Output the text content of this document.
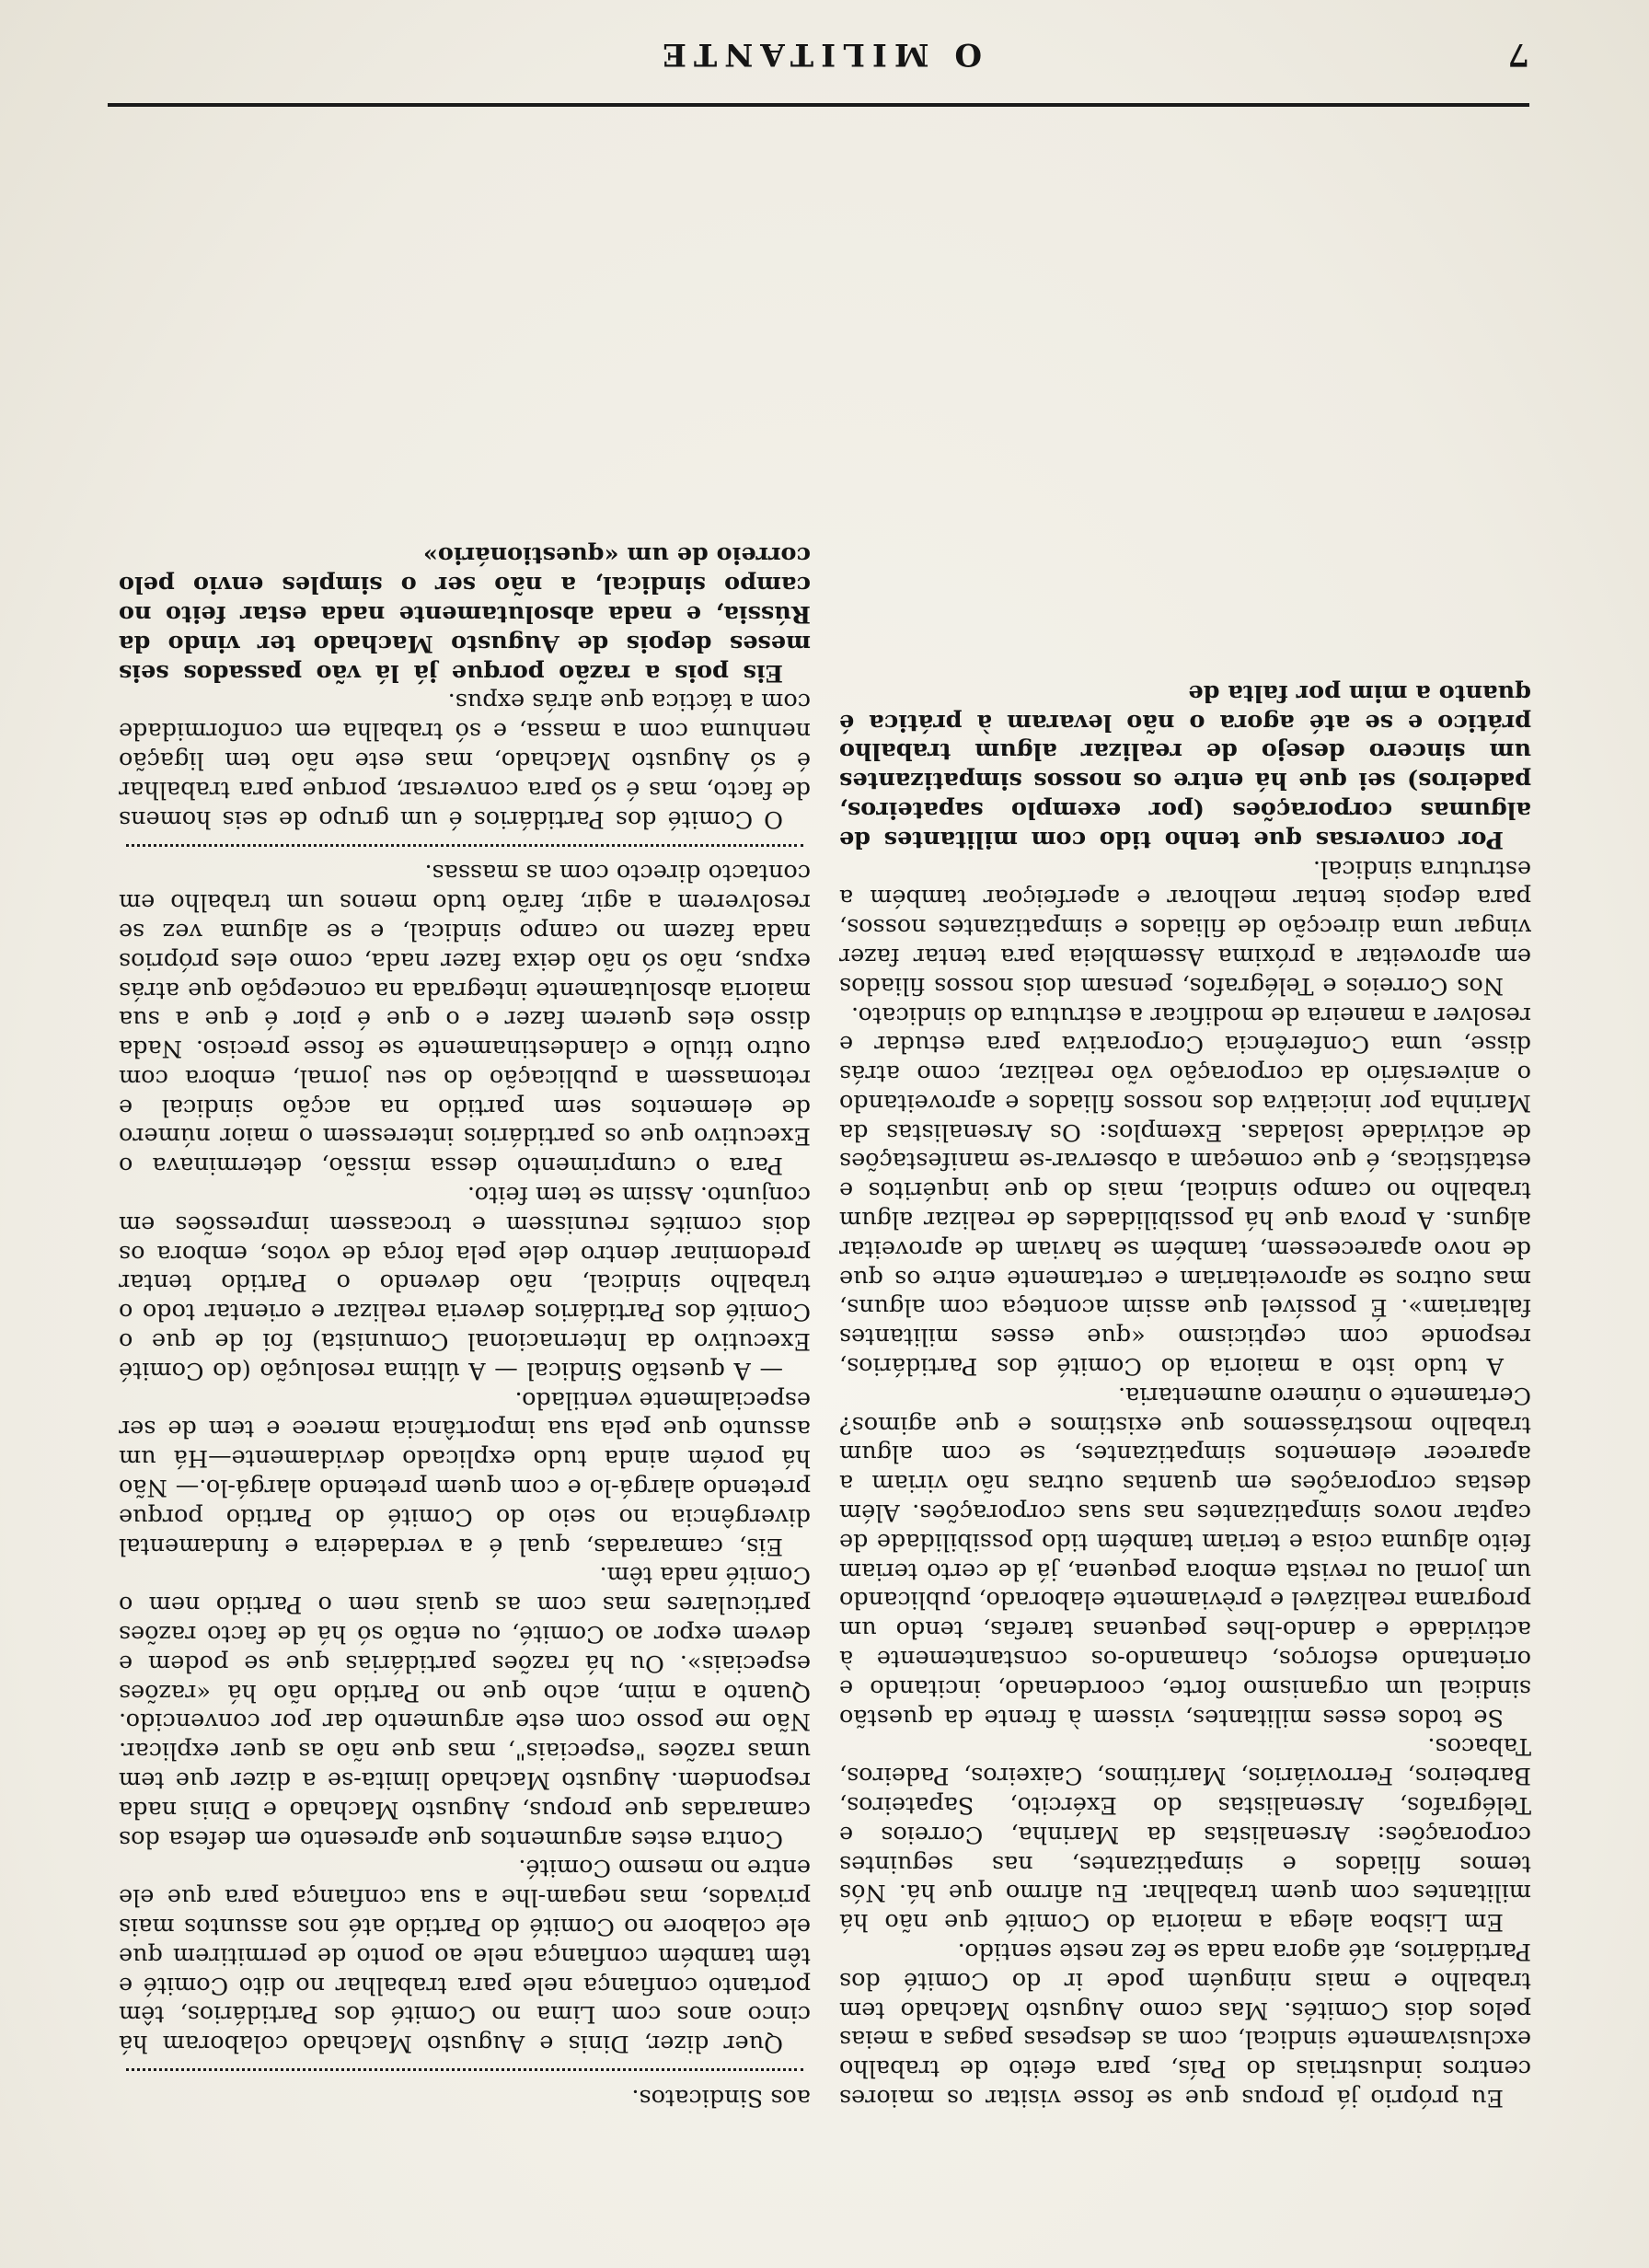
O MILITANTE	7

aos Sindicatos.

Quer dizer, Dinis e Augusto Machado colaboram há cinco anos com Lima no Comité dos Partidários, têm portanto confiança nele para trabalhar no dito Comité e têm também confiança nele ao ponto de permitirem que ele colabore no Comité do Partido até nos assuntos mais privados, mas negam-lhe a sua confiança para que ele entre no mesmo Comité.

Contra estes argumentos que apresento em defesa dos camaradas que propus, Augusto Machado e Dinis nada respondem. Augusto Machado limita-se a dizer que tem umas razões "especiais", mas que não as quer explicar. Não me posso com este argumento dar por convencido. Quanto a mim, acho que no Partido não há «razões especiais». Ou há razões partidárias que se podem e devem expor ao Comité, ou então só há de facto razões particulares mas com as quais nem o Partido nem o Comité nada têm.

Eis, camaradas, qual é a verdadeira e fundamental divergência no seio do Comité do Partido porque pretendo alargá-lo e com quem pretendo alargá-lo.— Não há porém ainda tudo explicado devidamente—Há um assunto que pela sua importância merece e tem de ser especialmente ventilado.

— A questão Sindical — A última resolução (do Comité Executivo da Internacional Comunista) foi de que o Comité dos Partidários deveria realizar e orientar todo o trabalho sindical, não devendo o Partido tentar predominar dentro dele pela força de votos, embora os dois comités reunissem e trocassem impressões em conjunto. Assim se tem feito.

Para o cumprimento dessa missão, determinava o Executivo que os partidários interessem o maior número de elementos sem partido na acção sindical e retomassem a publicação do seu jornal, embora com outro título e clandestinamente se fosse preciso. Nada disso eles querem fazer e o que é pior é que a sua maioria absolutamente integrada na concepção que atrás expus, não só não deixa fazer nada, como eles próprios nada fazem no campo sindical, e se alguma vez se resolverem a agir, farão tudo menos um trabalho em contacto directo com as massas.

O Comité dos Partidários é um grupo de seis homens de facto, mas é só para conversar, porque para trabalhar é só Augusto Machado, mas este não tem ligação nenhuma com a massa, e só trabalha em conformidade com a táctica que atrás expus.

Eis pois a razão porque já lá vão passados seis meses depois de Augusto Machado ter vindo da Rússia, e nada absolutamente nada estar feito no campo sindical, a não ser o simples envio pelo correio de um «questionário»

Eu próprio já propus que se fosse visitar os maiores centros industriais do País, para efeito de trabalho exclusivamente sindical, com as despesas pagas a meias pelos dois Comités. Mas como Augusto Machado tem trabalho e mais ninguém pode ir do Comité dos Partidários, até agora nada se fez neste sentido.

Em Lisboa alega a maioria do Comité que não há militantes com quem trabalhar. Eu afirmo que há. Nós temos filiados e simpatizantes, nas seguintes corporações: Arsenalistas da Marinha, Correios e Telégrafos, Arsenalistas do Exército, Sapateiros, Barbeiros, Ferroviários, Marítimos, Caixeiros, Padeiros, Tabacos.

Se todos esses militantes, vissem à frente da questão sindical um organismo forte, coordenado, incitando e orientando esforços, chamando-os constantemente à actividade e dando-lhes pequenas tarefas, tendo um programa realizável e prèviamente elaborado, publicando um jornal ou revista embora pequena, já de certo teriam feito alguma coisa e teriam também tido possibilidade de captar novos simpatizantes nas suas corporações. Além destas corporações em quantas outras não viriam a aparecer elementos simpatizantes, se com algum trabalho mostrássemos que existimos e que agimos? Certamente o número aumentaria.

A tudo isto a maioria do Comité dos Partidários, responde com cepticismo «que esses militantes faltariam». É possível que assim aconteça com alguns, mas outros se aproveitariam e certamente entre os que de novo aparecessem, também se haviam de aproveitar alguns. A prova que há possibilidades de realizar algum trabalho no campo sindical, mais do que inquéritos e estatísticas, é que começam a observar-se manifestações de actividade isoladas. Exemplos: Os Arsenalistas da Marinha por iniciativa dos nossos filiados e aproveitando o aniversário da corporação vão realizar, como atrás disse, uma Conferência Corporativa para estudar e resolver a maneira de modificar a estrutura do sindicato.

Nos Correios e Telégrafos, pensam dois nossos filiados em aproveitar a próxima Assembleia para tentar fazer vingar uma direcção de filiados e simpatizantes nossos, para depois tentar melhorar e aperfeiçoar também a estrutura sindical.

Por conversas que tenho tido com militantes de algumas corporações (por exemplo sapateiros, padeiros) sei que há entre os nossos simpatizantes um sincero desejo de realizar algum trabalho prático e se até agora o não levaram à prática é quanto a mim por falta de
